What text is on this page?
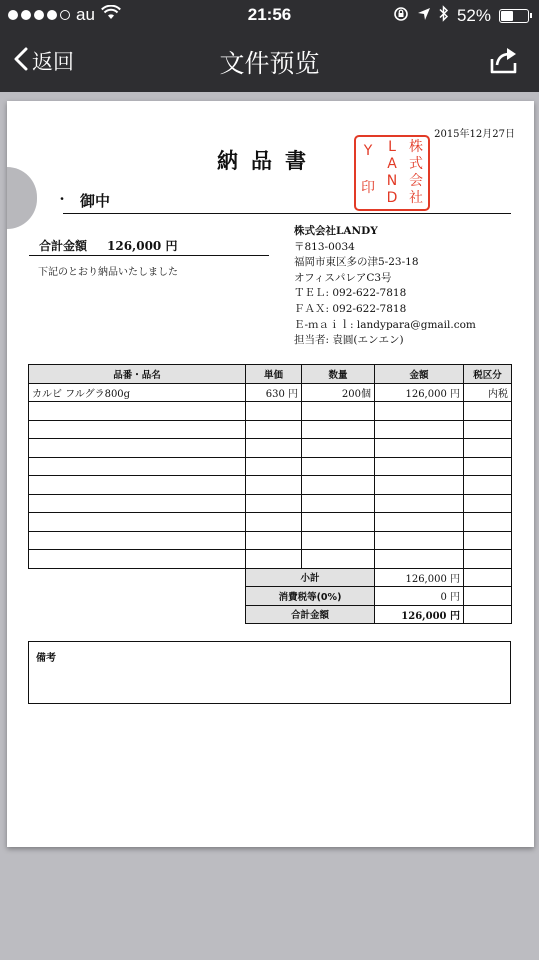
au	21:56	52%
返回	文件预览
2015年12月27日
納品書	Y
印
L
A
N
D
株
式
会
社
・ 御中
合計金額 126,000 円
下記のとおり納品いたしました
株式会社LANDY
〒813-0034
福岡市東区多の津5-23-18
オフィスパレアC3号
ＴＥＬ: 092-622-7818
ＦＡＸ: 092-622-7818
Ｅ-ｍａｉｌ: landypara@gmail.com
担当者: 袁圓(エンエン)
品番・品名	単価	数量	金額	税区分
カルビ フルグラ800g	630 円	200個	126,000 円	内税

	小計		126,000 円	
	消費税等(0%)		0 円	
	合計金額		126,000 円	
備考
